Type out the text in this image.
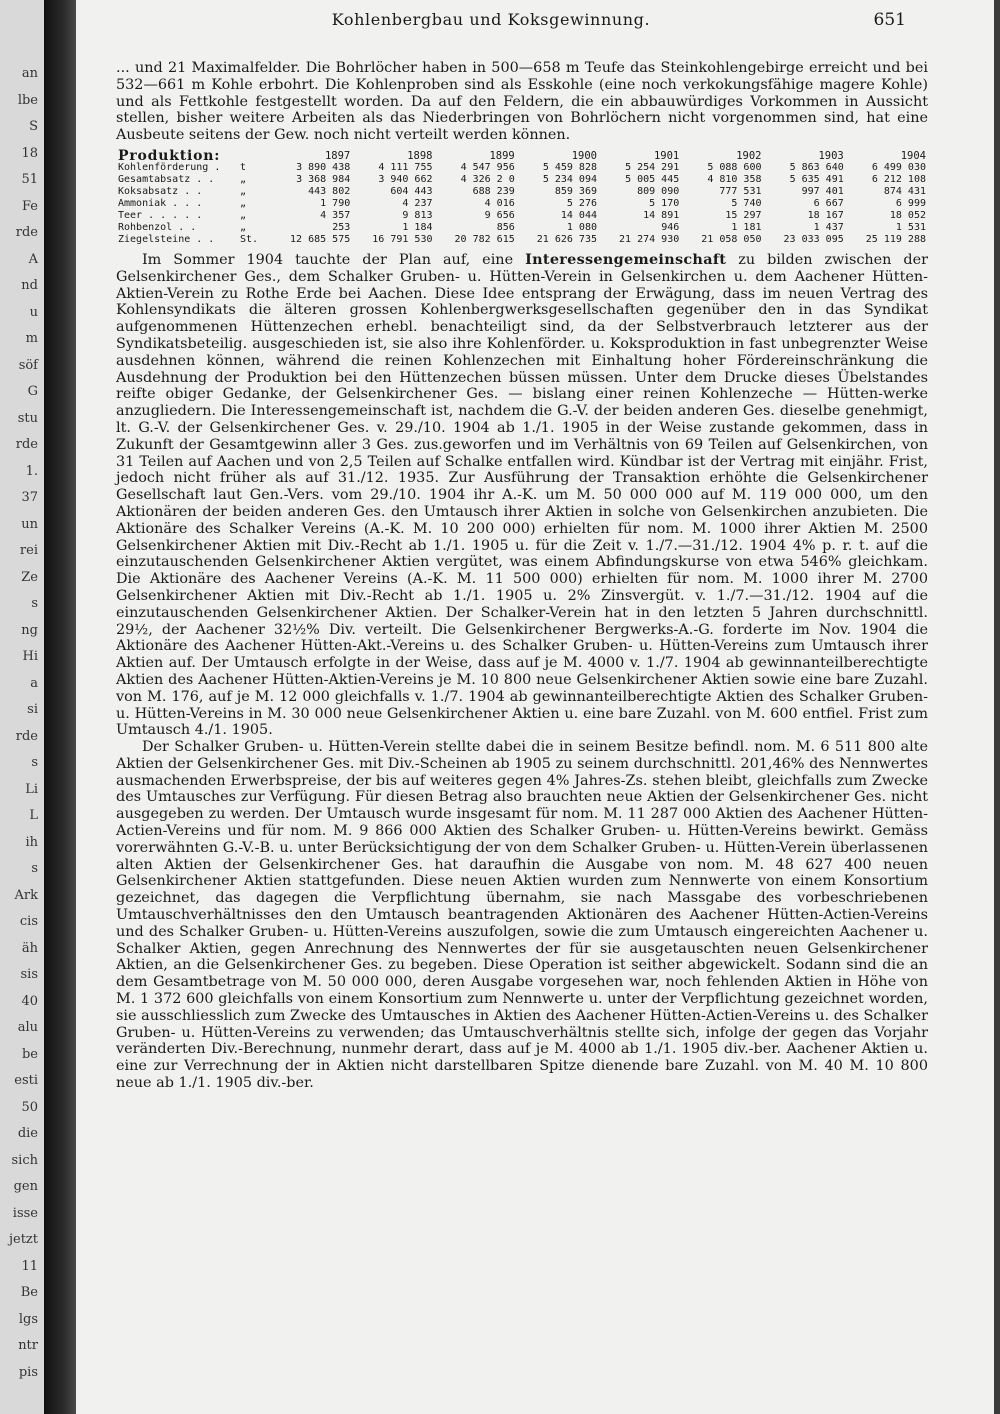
an
lbe
S
18
51
Fe
rde
A
nd
u
m
söf
G
stu
rde
1.
37
un
rei
Ze
s
ng
Hi
a
si
rde
s
Li
L
ih
s
Ark
cis
äh
sis
40
alu
be
esti
50
die
sich
gen
isse
jetzt
11
Be
lgs
ntr
pis
Kohlenbergbau und Koksgewinnung.	651

... und 21 Maximalfelder. Die Bohrlöcher haben in 500—658 m Teufe das Steinkohlengebirge erreicht und bei 532—661 m Kohle erbohrt. Die Kohlenproben sind als Esskohle (eine noch verkokungsfähige magere Kohle) und als Fettkohle festgestellt worden. Da auf den Feldern, die ein abbauwürdiges Vorkommen in Aussicht stellen, bisher weitere Arbeiten als das Niederbringen von Bohrlöchern nicht vorgenommen sind, hat eine Ausbeute seitens der Gew. noch nicht verteilt werden können.

Produktion:		1897	1898	1899	1900	1901	1902	1903	1904
Kohlenförderung .	t	3 890 438	4 111 755	4 547 956	5 459 828	5 254 291	5 088 600	5 863 640	6 499 030
Gesamtabsatz . .	„	3 368 984	3 940 662	4 326 2 0	5 234 094	5 005 445	4 810 358	5 635 491	6 212 108
Koksabsatz . .	„	443 802	604 443	688 239	859 369	809 090	777 531	997 401	874 431
Ammoniak . . .	„	1 790	4 237	4 016	5 276	5 170	5 740	6 667	6 999
Teer . . . . .	„	4 357	9 813	9 656	14 044	14 891	15 297	18 167	18 052
Rohbenzol . .	„	253	1 184	856	1 080	946	1 181	1 437	1 531
Ziegelsteine . .	St.	12 685 575	16 791 530	20 782 615	21 626 735	21 274 930	21 058 050	23 033 095	25 119 288

Im Sommer 1904 tauchte der Plan auf, eine Interessengemeinschaft zu bilden zwischen der Gelsenkirchener Ges., dem Schalker Gruben- u. Hütten-Verein in Gelsenkirchen u. dem Aachener Hütten-Aktien-Verein zu Rothe Erde bei Aachen. Diese Idee entsprang der Erwägung, dass im neuen Vertrag des Kohlensyndikats die älteren grossen Kohlenbergwerksgesellschaften gegenüber den in das Syndikat aufgenommenen Hüttenzechen erhebl. benachteiligt sind, da der Selbstverbrauch letzterer aus der Syndikatsbeteilig. ausgeschieden ist, sie also ihre Kohlenförder. u. Koksproduktion in fast unbegrenzter Weise ausdehnen können, während die reinen Kohlenzechen mit Einhaltung hoher Fördereinschränkung die Ausdehnung der Produktion bei den Hüttenzechen büssen müssen. Unter dem Drucke dieses Übelstandes reifte obiger Gedanke, der Gelsenkirchener Ges. — bislang einer reinen Kohlenzeche — Hütten-werke anzugliedern. Die Interessengemeinschaft ist, nachdem die G.-V. der beiden anderen Ges. dieselbe genehmigt, lt. G.-V. der Gelsenkirchener Ges. v. 29./10. 1904 ab 1./1. 1905 in der Weise zustande gekommen, dass in Zukunft der Gesamtgewinn aller 3 Ges. zus.geworfen und im Verhältnis von 69 Teilen auf Gelsenkirchen, von 31 Teilen auf Aachen und von 2,5 Teilen auf Schalke entfallen wird. Kündbar ist der Vertrag mit einjähr. Frist, jedoch nicht früher als auf 31./12. 1935. Zur Ausführung der Transaktion erhöhte die Gelsenkirchener Gesellschaft laut Gen.-Vers. vom 29./10. 1904 ihr A.-K. um M. 50 000 000 auf M. 119 000 000, um den Aktionären der beiden anderen Ges. den Umtausch ihrer Aktien in solche von Gelsenkirchen anzubieten. Die Aktionäre des Schalker Vereins (A.-K. M. 10 200 000) erhielten für nom. M. 1000 ihrer Aktien M. 2500 Gelsenkirchener Aktien mit Div.-Recht ab 1./1. 1905 u. für die Zeit v. 1./7.—31./12. 1904 4% p. r. t. auf die einzutauschenden Gelsenkirchener Aktien vergütet, was einem Abfindungskurse von etwa 546% gleichkam. Die Aktionäre des Aachener Vereins (A.-K. M. 11 500 000) erhielten für nom. M. 1000 ihrer M. 2700 Gelsenkirchener Aktien mit Div.-Recht ab 1./1. 1905 u. 2% Zinsvergüt. v. 1./7.—31./12. 1904 auf die einzutauschenden Gelsenkirchener Aktien. Der Schalker-Verein hat in den letzten 5 Jahren durchschnittl. 29½, der Aachener 32½% Div. verteilt. Die Gelsenkirchener Bergwerks-A.-G. forderte im Nov. 1904 die Aktionäre des Aachener Hütten-Akt.-Vereins u. des Schalker Gruben- u. Hütten-Vereins zum Umtausch ihrer Aktien auf. Der Umtausch erfolgte in der Weise, dass auf je M. 4000 v. 1./7. 1904 ab gewinnanteilberechtigte Aktien des Aachener Hütten-Aktien-Vereins je M. 10 800 neue Gelsenkirchener Aktien sowie eine bare Zuzahl. von M. 176, auf je M. 12 000 gleichfalls v. 1./7. 1904 ab gewinnanteilberechtigte Aktien des Schalker Gruben- u. Hütten-Vereins in M. 30 000 neue Gelsenkirchener Aktien u. eine bare Zuzahl. von M. 600 entfiel. Frist zum Umtausch 4./1. 1905.

Der Schalker Gruben- u. Hütten-Verein stellte dabei die in seinem Besitze befindl. nom. M. 6 511 800 alte Aktien der Gelsenkirchener Ges. mit Div.-Scheinen ab 1905 zu seinem durchschnittl. 201,46% des Nennwertes ausmachenden Erwerbspreise, der bis auf weiteres gegen 4% Jahres-Zs. stehen bleibt, gleichfalls zum Zwecke des Umtausches zur Verfügung. Für diesen Betrag also brauchten neue Aktien der Gelsenkirchener Ges. nicht ausgegeben zu werden. Der Umtausch wurde insgesamt für nom. M. 11 287 000 Aktien des Aachener Hütten-Actien-Vereins und für nom. M. 9 866 000 Aktien des Schalker Gruben- u. Hütten-Vereins bewirkt. Gemäss vorerwähnten G.-V.-B. u. unter Berücksichtigung der von dem Schalker Gruben- u. Hütten-Verein überlassenen alten Aktien der Gelsenkirchener Ges. hat daraufhin die Ausgabe von nom. M. 48 627 400 neuen Gelsenkirchener Aktien stattgefunden. Diese neuen Aktien wurden zum Nennwerte von einem Konsortium gezeichnet, das dagegen die Verpflichtung übernahm, sie nach Massgabe des vorbeschriebenen Umtauschverhältnisses den den Umtausch beantragenden Aktionären des Aachener Hütten-Actien-Vereins und des Schalker Gruben- u. Hütten-Vereins auszufolgen, sowie die zum Umtausch eingereichten Aachener u. Schalker Aktien, gegen Anrechnung des Nennwertes der für sie ausgetauschten neuen Gelsenkirchener Aktien, an die Gelsenkirchener Ges. zu begeben. Diese Operation ist seither abgewickelt. Sodann sind die an dem Gesamtbetrage von M. 50 000 000, deren Ausgabe vorgesehen war, noch fehlenden Aktien in Höhe von M. 1 372 600 gleichfalls von einem Konsortium zum Nennwerte u. unter der Verpflichtung gezeichnet worden, sie ausschliesslich zum Zwecke des Umtausches in Aktien des Aachener Hütten-Actien-Vereins u. des Schalker Gruben- u. Hütten-Vereins zu verwenden; das Umtauschverhältnis stellte sich, infolge der gegen das Vorjahr veränderten Div.-Berechnung, nunmehr derart, dass auf je M. 4000 ab 1./1. 1905 div.-ber. Aachener Aktien u. eine zur Verrechnung der in Aktien nicht darstellbaren Spitze dienende bare Zuzahl. von M. 40 M. 10 800 neue ab 1./1. 1905 div.-ber.
